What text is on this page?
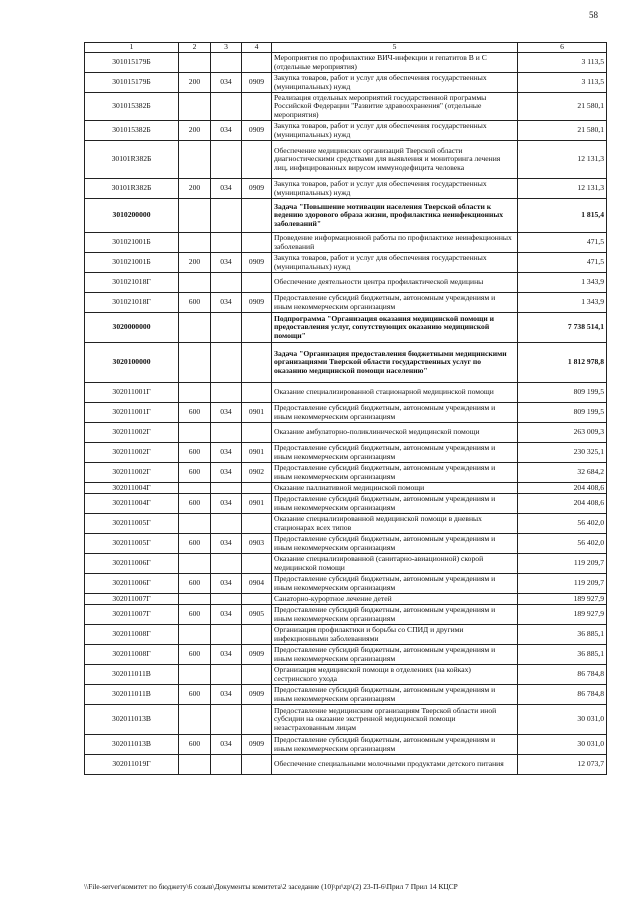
58
1	2	3	4	5	6
301015179Б				Мероприятия по профилактике ВИЧ-инфекции и гепатитов В и С (отдельные мероприятия)	3 113,5
301015179Б	200	034	0909	Закупка товаров, работ и услуг для обеспечения государственных (муниципальных) нужд	3 113,5
301015382Б				Реализация отдельных мероприятий государственной программы Российской Федерации "Развитие здравоохранения" (отдельные мероприятия)	21 580,1
301015382Б	200	034	0909	Закупка товаров, работ и услуг для обеспечения государственных (муниципальных) нужд	21 580,1
30101R382Б				Обеспечение медицинских организаций Тверской области диагностическими средствами для выявления и мониторинга лечения лиц, инфицированных вирусом иммунодефицита человека	12 131,3
30101R382Б	200	034	0909	Закупка товаров, работ и услуг для обеспечения государственных (муниципальных) нужд	12 131,3
3010200000				Задача "Повышение мотивации населения Тверской области к ведению здорового образа жизни, профилактика неинфекционных заболеваний"	1 815,4
301021001Б				Проведение информационной работы по профилактике неинфекционных заболеваний	471,5
301021001Б	200	034	0909	Закупка товаров, работ и услуг для обеспечения государственных (муниципальных) нужд	471,5
301021018Г				Обеспечение деятельности центра профилактической медицины	1 343,9
301021018Г	600	034	0909	Предоставление субсидий бюджетным, автономным учреждениям и иным некоммерческим организациям	1 343,9
3020000000				Подпрограмма "Организация оказания медицинской помощи и предоставления услуг, сопутствующих оказанию медицинской помощи"	7 738 514,1
3020100000				Задача "Организация предоставления бюджетными медицинскими организациями Тверской области государственных услуг по оказанию медицинской помощи населению"	1 812 978,8
302011001Г				Оказание специализированной стационарной медицинской помощи	809 199,5
302011001Г	600	034	0901	Предоставление субсидий бюджетным, автономным учреждениям и иным некоммерческим организациям	809 199,5
302011002Г				Оказание амбулаторно-поликлинической медицинской помощи	263 009,3
302011002Г	600	034	0901	Предоставление субсидий бюджетным, автономным учреждениям и иным некоммерческим организациям	230 325,1
302011002Г	600	034	0902	Предоставление субсидий бюджетным, автономным учреждениям и иным некоммерческим организациям	32 684,2
302011004Г				Оказание паллиативной медицинской помощи	204 408,6
302011004Г	600	034	0901	Предоставление субсидий бюджетным, автономным учреждениям и иным некоммерческим организациям	204 408,6
302011005Г				Оказание специализированной медицинской помощи в дневных стационарах всех типов	56 402,0
302011005Г	600	034	0903	Предоставление субсидий бюджетным, автономным учреждениям и иным некоммерческим организациям	56 402,0
302011006Г				Оказание специализированной (санитарно-авиационной) скорой медицинской помощи	119 209,7
302011006Г	600	034	0904	Предоставление субсидий бюджетным, автономным учреждениям и иным некоммерческим организациям	119 209,7
302011007Г				Санаторно-курортное лечение детей	189 927,9
302011007Г	600	034	0905	Предоставление субсидий бюджетным, автономным учреждениям и иным некоммерческим организациям	189 927,9
302011008Г				Организация профилактики и борьбы со СПИД и другими инфекционными заболеваниями	36 885,1
302011008Г	600	034	0909	Предоставление субсидий бюджетным, автономным учреждениям и иным некоммерческим организациям	36 885,1
302011011В				Организация медицинской помощи в отделениях (на койках) сестринского ухода	86 784,8
302011011В	600	034	0909	Предоставление субсидий бюджетным, автономным учреждениям и иным некоммерческим организациям	86 784,8
302011013В				Предоставление медицинским организациям Тверской области иной субсидии на оказание экстренной медицинской помощи незастрахованным лицам	30 031,0
302011013В	600	034	0909	Предоставление субсидий бюджетным, автономным учреждениям и иным некоммерческим организациям	30 031,0
302011019Г				Обеспечение специальными молочными продуктами детского питания	12 073,7
\\File-server\комитет по бюджету\6 созыв\Документы комитета\2 заседание (10)\pr\zp\(2) 23-П-6\Прил 7 Прил 14 КЦСР
